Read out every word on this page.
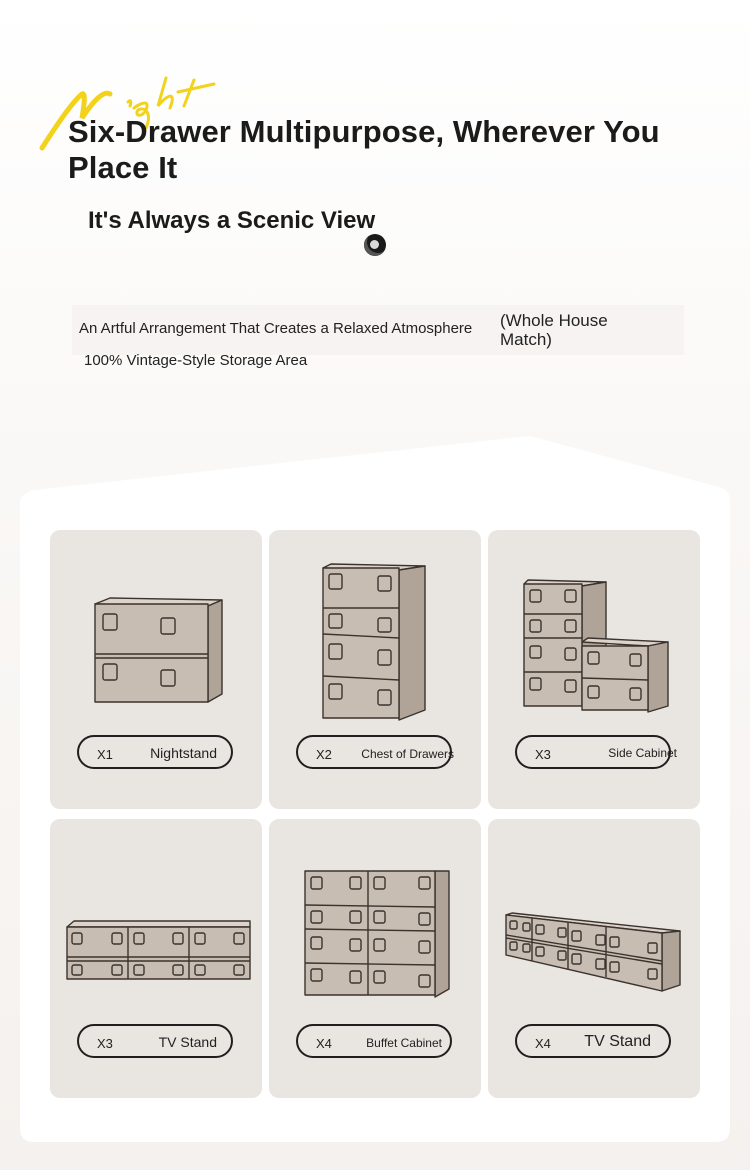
Six-Drawer Multipurpose, Wherever You Place It
It's Always a Scenic View
An Artful Arrangement That Creates a Relaxed Atmosphere (Whole House Match)
100% Vintage-Style Storage Area
X1	Nightstand	X2 Chest of Drawers	X3	Side Cabinet
X3	TV Stand	X4	Buffet Cabinet	X4 TV Stand
